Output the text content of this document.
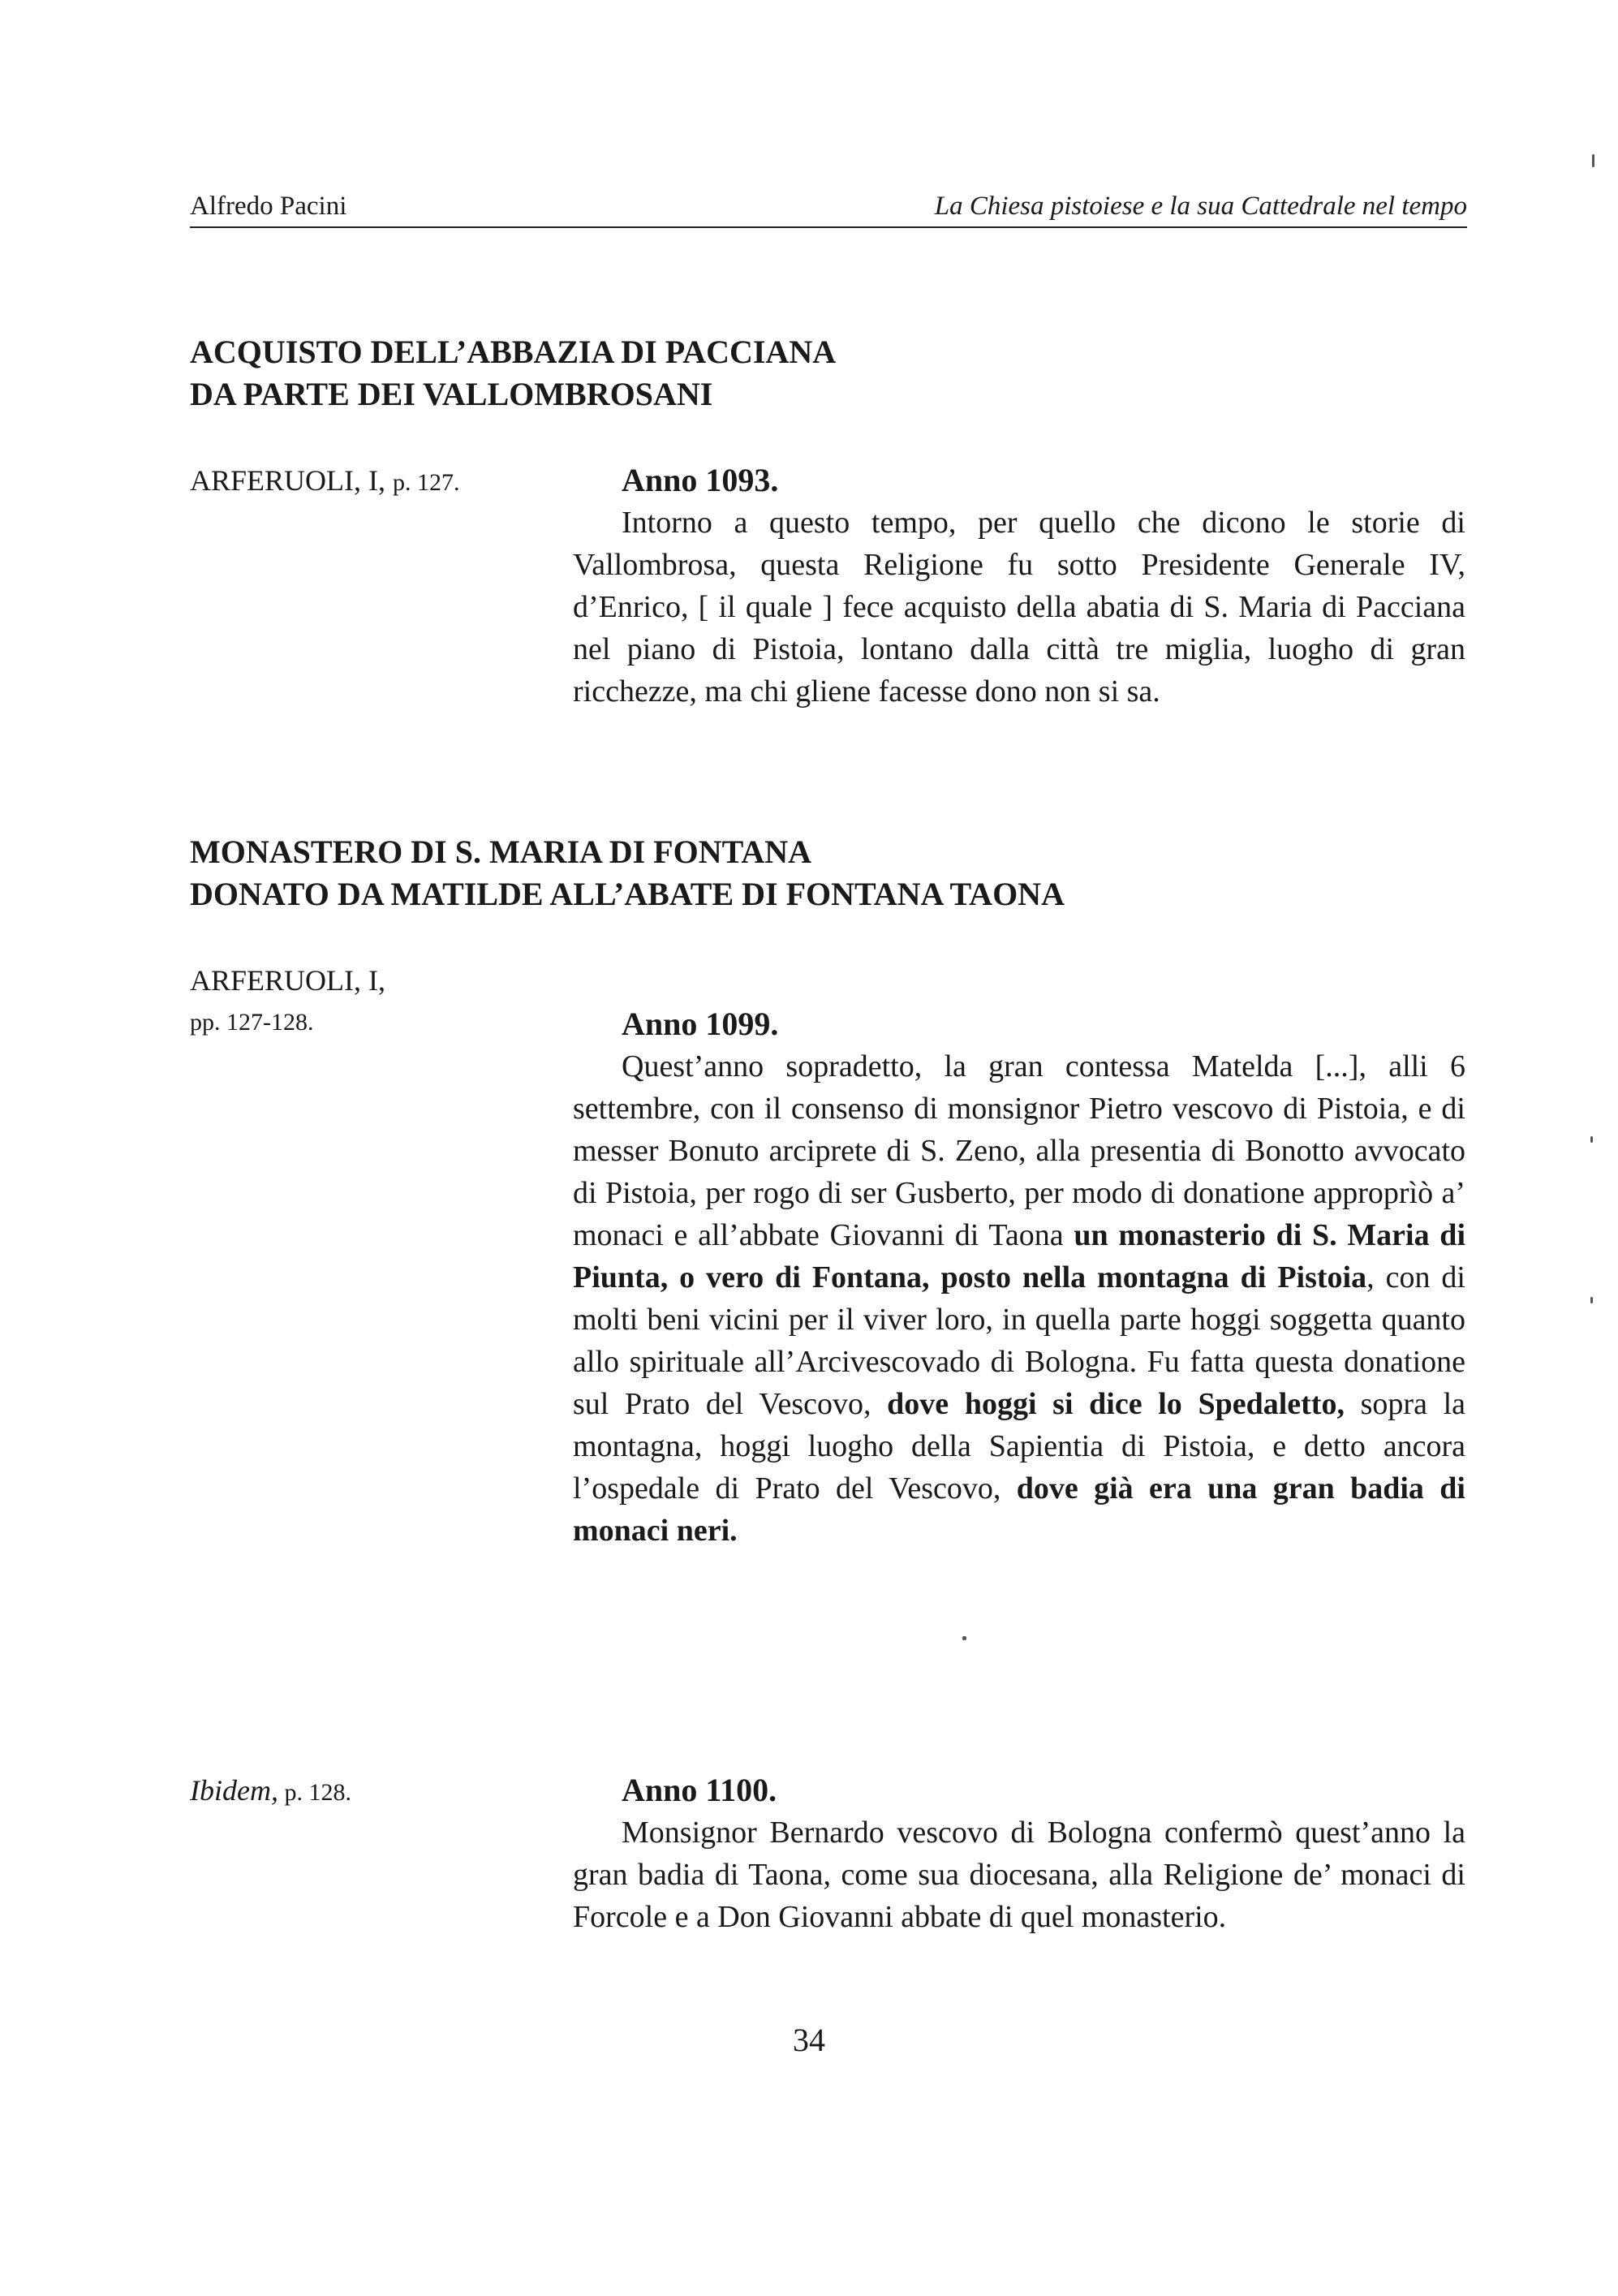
Alfredo Pacini	La Chiesa pistoiese e la sua Cattedrale nel tempo
ACQUISTO DELL’ABBAZIA DI PACCIANA
DA PARTE DEI VALLOMBROSANI
ARFERUOLI, I, p. 127.	Anno 1093.
Intorno a questo tempo, per quello che dicono le storie di Vallombrosa, questa Religione fu sotto Presidente Generale IV, d’Enrico, [ il quale ] fece acquisto della abatia di S. Maria di Pacciana nel piano di Pistoia, lontano dalla città tre miglia, luogho di gran ricchezze, ma chi gliene facesse dono non si sa.
MONASTERO DI S. MARIA DI FONTANA
DONATO DA MATILDE ALL’ABATE DI FONTANA TAONA
ARFERUOLI, I,
pp. 127-128.	Anno 1099.
Quest’anno sopradetto, la gran contessa Matelda [...], alli 6 settembre, con il consenso di monsignor Pietro vescovo di Pistoia, e di messer Bonuto arciprete di S. Zeno, alla presentia di Bonotto avvocato di Pistoia, per rogo di ser Gusberto, per modo di donatione approprìò a’ monaci e all’abbate Giovanni di Taona un monasterio di S. Maria di Piunta, o vero di Fontana, posto nella montagna di Pistoia, con di molti beni vicini per il viver loro, in quella parte hoggi soggetta quanto allo spirituale all’Arcivescovado di Bologna. Fu fatta questa donatione sul Prato del Vescovo, dove hoggi si dice lo Spedaletto, sopra la montagna, hoggi luogho della Sapientia di Pistoia, e detto ancora l’ospedale di Prato del Vescovo, dove già era una gran badia di monaci neri.
Ibidem, p. 128.	Anno 1100.
Monsignor Bernardo vescovo di Bologna confermò quest’anno la gran badia di Taona, come sua diocesana, alla Religione de’ monaci di Forcole e a Don Giovanni abbate di quel monasterio.
34
